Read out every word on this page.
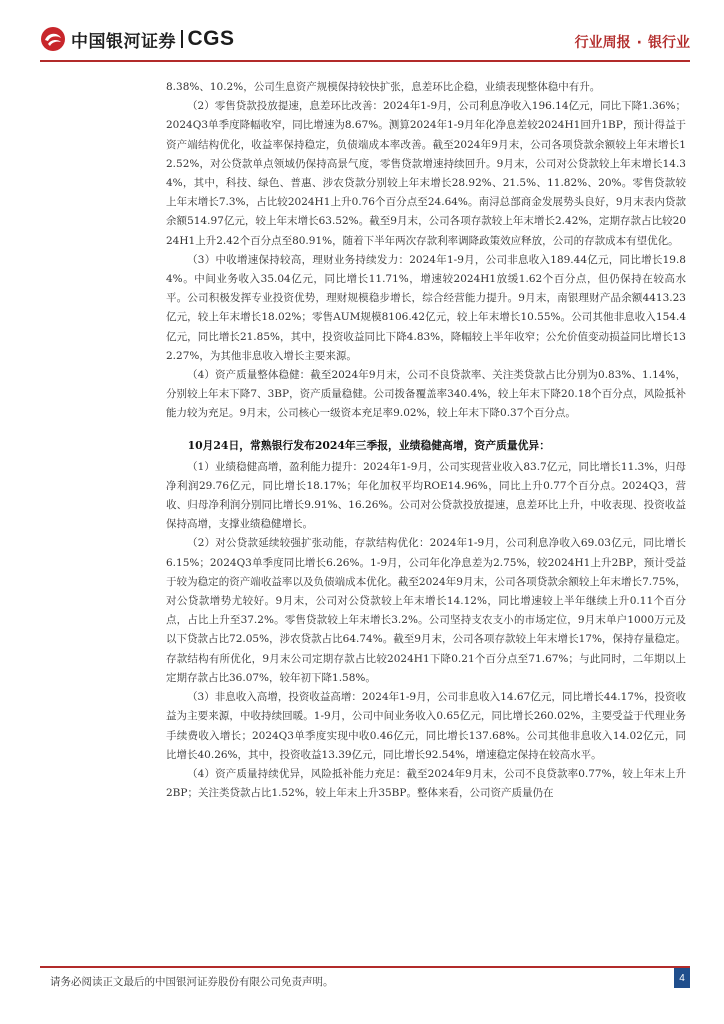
中国银河证券 CGS	行业周报 · 银行业

8.38%、10.2%，公司生息资产规模保持较快扩张，息差环比企稳，业绩表现整体稳中有升。

（2）零售贷款投放提速，息差环比改善：2024年1-9月，公司利息净收入196.14亿元，同比下降1.36%；2024Q3单季度降幅收窄，同比增速为8.67%。测算2024年1-9月年化净息差较2024H1回升1BP，预计得益于资产端结构优化，收益率保持稳定，负债端成本率改善。截至2024年9月末，公司各项贷款余额较上年末增长12.52%，对公贷款单点领域仍保持高景气度，零售贷款增速持续回升。9月末，公司对公贷款较上年末增长14.34%，其中，科技、绿色、普惠、涉农贷款分别较上年末增长28.92%、21.5%、11.82%、20%。零售贷款较上年末增长7.3%，占比较2024H1上升0.76个百分点至24.64%。南浔总部商金发展势头良好，9月末表内贷款余额514.97亿元，较上年末增长63.52%。截至9月末，公司各项存款较上年末增长2.42%，定期存款占比较2024H1上升2.42个百分点至80.91%，随着下半年两次存款利率调降政策效应释放，公司的存款成本有望优化。

（3）中收增速保持较高，理财业务持续发力：2024年1-9月，公司非息收入189.44亿元，同比增长19.84%。中间业务收入35.04亿元，同比增长11.71%，增速较2024H1放缓1.62个百分点，但仍保持在较高水平。公司积极发挥专业投资优势，理财规模稳步增长，综合经营能力提升。9月末，南银理财产品余额4413.23亿元，较上年末增长18.02%；零售AUM规模8106.42亿元，较上年末增长10.55%。公司其他非息收入154.4亿元，同比增长21.85%，其中，投资收益同比下降4.83%，降幅较上半年收窄；公允价值变动损益同比增长132.27%，为其他非息收入增长主要来源。

（4）资产质量整体稳健：截至2024年9月末，公司不良贷款率、关注类贷款占比分别为0.83%、1.14%，分别较上年末下降7、3BP，资产质量稳健。公司拨备覆盖率340.4%，较上年末下降20.18个百分点，风险抵补能力较为充足。9月末，公司核心一级资本充足率9.02%，较上年末下降0.37个百分点。

10月24日，常熟银行发布2024年三季报，业绩稳健高增，资产质量优异：

（1）业绩稳健高增，盈利能力提升：2024年1-9月，公司实现营业收入83.7亿元，同比增长11.3%，归母净利润29.76亿元，同比增长18.17%；年化加权平均ROE14.96%，同比上升0.77个百分点。2024Q3，营收、归母净利润分别同比增长9.91%、16.26%。公司对公贷款投放提速，息差环比上升，中收表现、投资收益保持高增，支撑业绩稳健增长。

（2）对公贷款延续较强扩张动能，存款结构优化：2024年1-9月，公司利息净收入69.03亿元，同比增长6.15%；2024Q3单季度同比增长6.26%。1-9月，公司年化净息差为2.75%，较2024H1上升2BP，预计受益于较为稳定的资产端收益率以及负债端成本优化。截至2024年9月末，公司各项贷款余额较上年末增长7.75%，对公贷款增势尤较好。9月末，公司对公贷款较上年末增长14.12%，同比增速较上半年继续上升0.11个百分点，占比上升至37.2%。零售贷款较上年末增长3.2%。公司坚持支农支小的市场定位，9月末单户1000万元及以下贷款占比72.05%，涉农贷款占比64.74%。截至9月末，公司各项存款较上年末增长17%，保持存量稳定。存款结构有所优化，9月末公司定期存款占比较2024H1下降0.21个百分点至71.67%；与此同时，二年期以上定期存款占比36.07%，较年初下降1.58%。

（3）非息收入高增，投资收益高增：2024年1-9月，公司非息收入14.67亿元，同比增长44.17%，投资收益为主要来源，中收持续回暖。1-9月，公司中间业务收入0.65亿元，同比增长260.02%，主要受益于代理业务手续费收入增长；2024Q3单季度实现中收0.46亿元，同比增长137.68%。公司其他非息收入14.02亿元，同比增长40.26%，其中，投资收益13.39亿元，同比增长92.54%，增速稳定保持在较高水平。

（4）资产质量持续优异，风险抵补能力充足：截至2024年9月末，公司不良贷款率0.77%，较上年末上升2BP；关注类贷款占比1.52%，较上年末上升35BP。整体来看，公司资产质量仍在

请务必阅读正文最后的中国银河证券股份有限公司免责声明。	4
